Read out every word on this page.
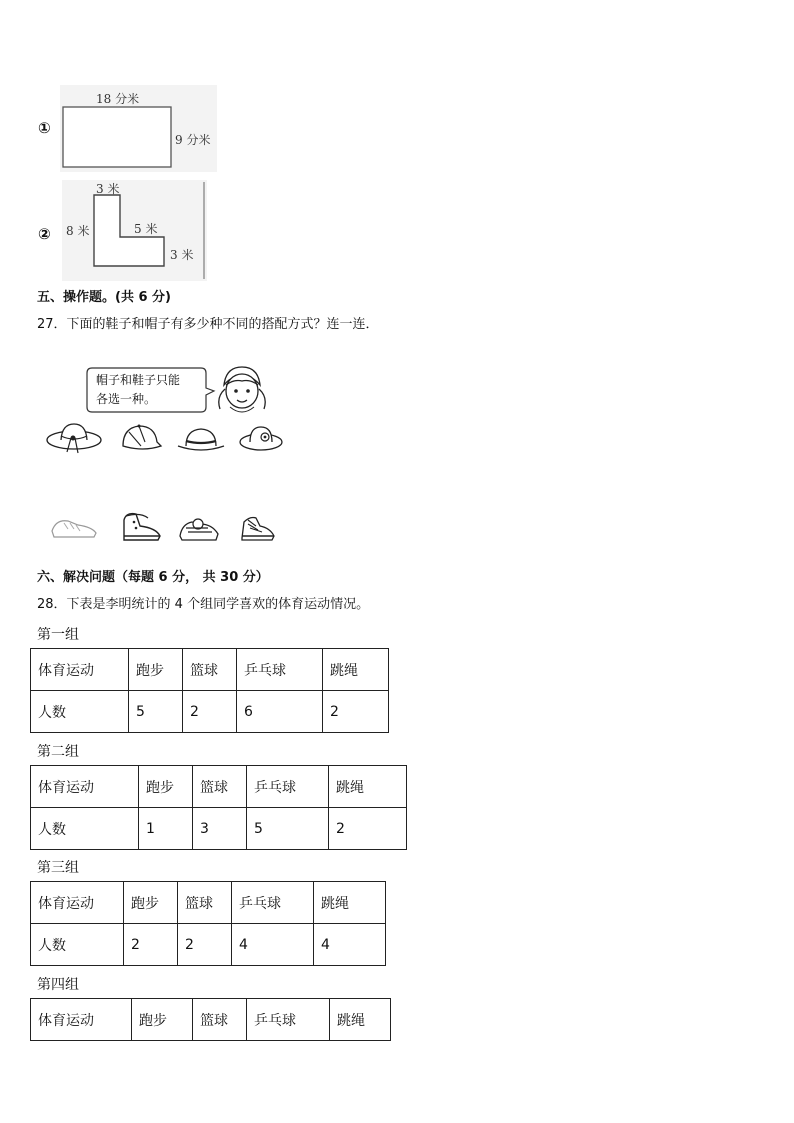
①
18 分米
9 分米
②
3 米
8 米	5 米
3 米
五、操作题。(共 6 分)
27．下面的鞋子和帽子有多少种不同的搭配方式？连一连．
帽子和鞋子只能
各选一种。
六、解决问题（每题 6 分， 共 30 分）
28．下表是李明统计的 4 个组同学喜欢的体育运动情况。
第一组
体育运动	跑步	篮球	乒乓球	跳绳
人数	5	2	6	2
第二组
体育运动	跑步	篮球	乒乓球	跳绳
人数	1	3	5	2
第三组
体育运动	跑步	篮球	乒乓球	跳绳
人数	2	2	4	4
第四组
体育运动	跑步	篮球	乒乓球	跳绳
